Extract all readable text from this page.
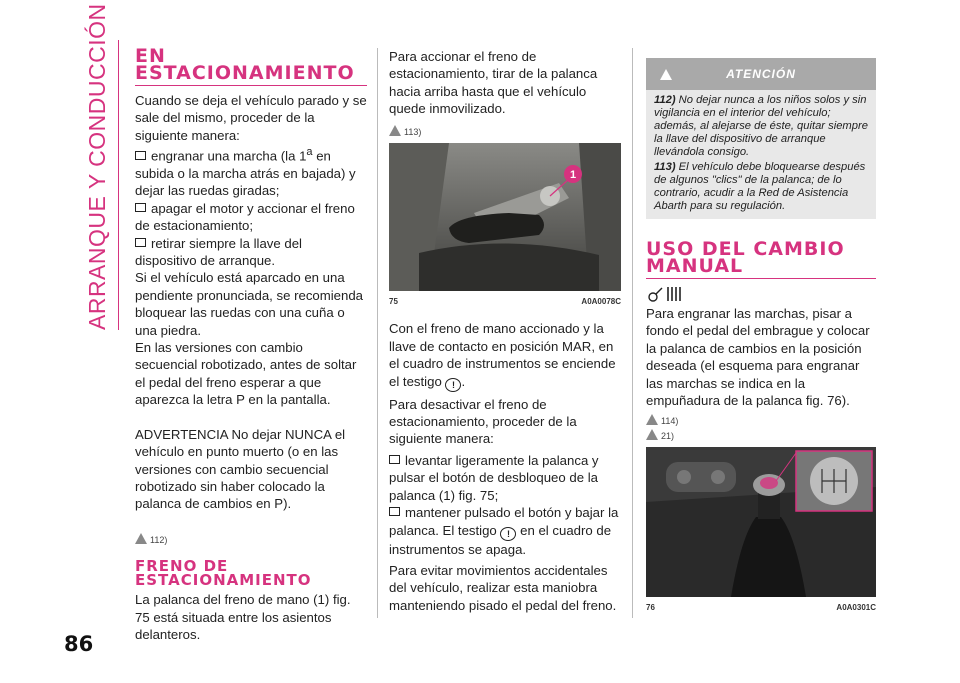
ARRANQUE Y CONDUCCIÓN
86
EN ESTACIONAMIENTO

Cuando se deja el vehículo parado y se sale del mismo, proceder de la siguiente manera:

engranar una marcha (la 1$^a$ en subida o la marcha atrás en bajada) y dejar las ruedas giradas;

apagar el motor y accionar el freno de estacionamiento;

retirar siempre la llave del dispositivo de arranque.

Si el vehículo está aparcado en una pendiente pronunciada, se recomienda bloquear las ruedas con una cuña o una piedra.

En las versiones con cambio secuencial robotizado, antes de soltar el pedal del freno esperar a que aparezca la letra P en la pantalla.

ADVERTENCIA No dejar NUNCA el vehículo en punto muerto (o en las versiones con cambio secuencial robotizado sin haber colocado la palanca de cambios en P).

112)

FRENO DE ESTACIONAMIENTO

La palanca del freno de mano (1) fig. 75 está situada entre los asientos delanteros.

Para accionar el freno de estacionamiento, tirar de la palanca hacia arriba hasta que el vehículo quede inmovilizado.

113)

1
75	A0A0078C

Con el freno de mano accionado y la llave de contacto en posición MAR, en el cuadro de instrumentos se enciende el testigo ! .

Para desactivar el freno de estacionamiento, proceder de la siguiente manera:

levantar ligeramente la palanca y pulsar el botón de desbloqueo de la palanca (1) fig. 75;

mantener pulsado el botón y bajar la palanca. El testigo ! en el cuadro de instrumentos se apaga.

Para evitar movimientos accidentales del vehículo, realizar esta maniobra manteniendo pisado el pedal del freno.

ATENCIÓN

112) No dejar nunca a los niños solos y sin vigilancia en el interior del vehículo; además, al alejarse de éste, quitar siempre la llave del dispositivo de arranque llevándola consigo.

113) El vehículo debe bloquearse después de algunos "clics" de la palanca; de lo contrario, acudir a la Red de Asistencia Abarth para su regulación.

USO DEL CAMBIO MANUAL

Para engranar las marchas, pisar a fondo el pedal del embrague y colocar la palanca de cambios en la posición deseada (el esquema para engranar las marchas se indica en la empuñadura de la palanca fig. 76).

114)

21)

76	A0A0301C
